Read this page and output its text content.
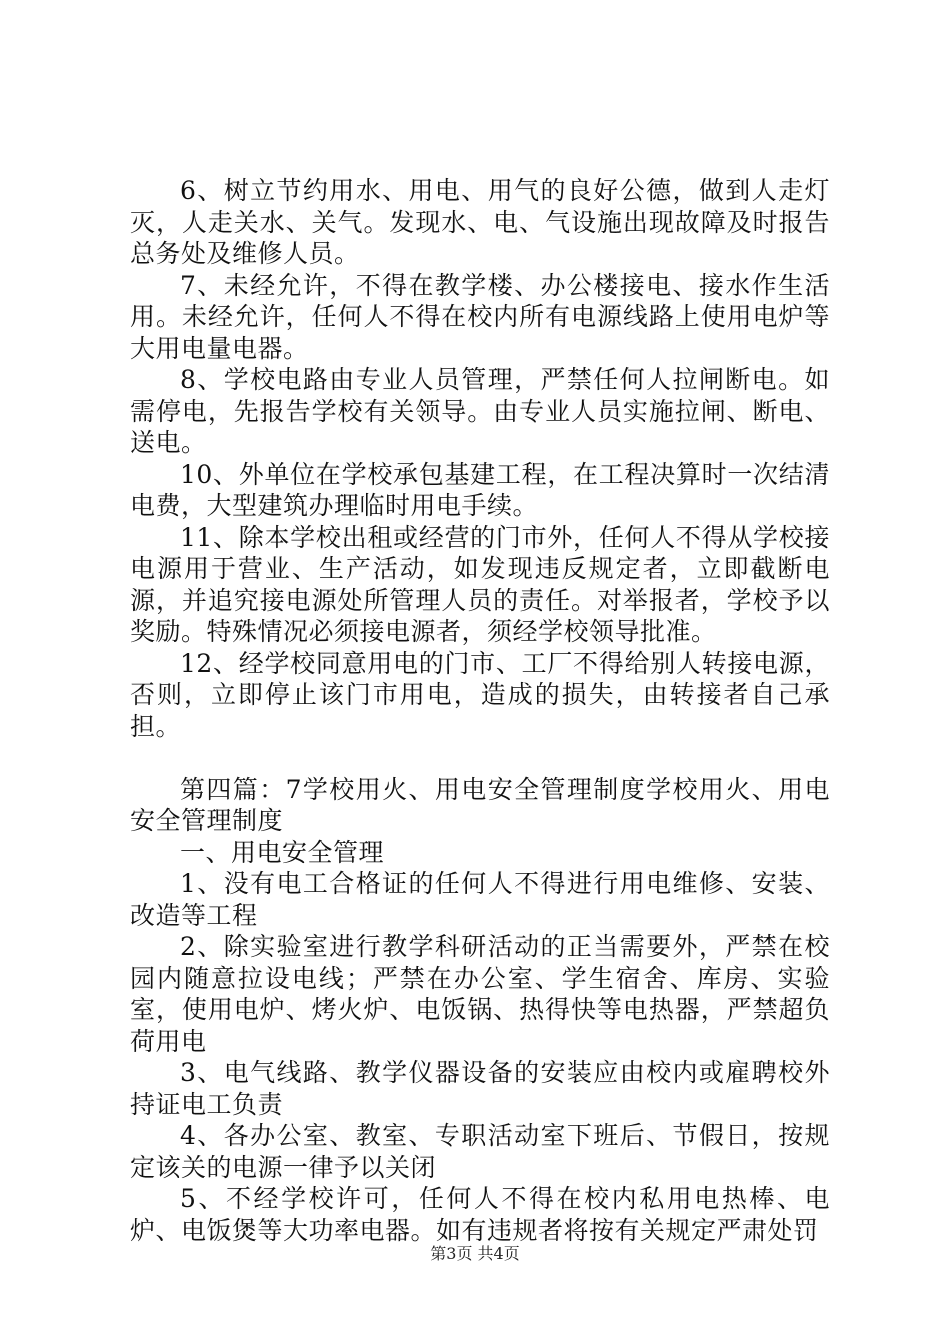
6、树立节约用水、用电、用气的良好公德，做到人走灯灭，人走关水、关气。发现水、电、气设施出现故障及时报告总务处及维修人员。

7、未经允许，不得在教学楼、办公楼接电、接水作生活用。未经允许，任何人不得在校内所有电源线路上使用电炉等大用电量电器。

8、学校电路由专业人员管理，严禁任何人拉闸断电。如需停电，先报告学校有关领导。由专业人员实施拉闸、断电、送电。

10、外单位在学校承包基建工程，在工程决算时一次结清电费，大型建筑办理临时用电手续。

11、除本学校出租或经营的门市外，任何人不得从学校接电源用于营业、生产活动，如发现违反规定者，立即截断电源，并追究接电源处所管理人员的责任。对举报者，学校予以奖励。特殊情况必须接电源者，须经学校领导批准。

12、经学校同意用电的门市、工厂不得给别人转接电源，否则，立即停止该门市用电，造成的损失，由转接者自己承担。

第四篇：7学校用火、用电安全管理制度学校用火、用电安全管理制度

一、用电安全管理

1、没有电工合格证的任何人不得进行用电维修、安装、改造等工程

2、除实验室进行教学科研活动的正当需要外，严禁在校园内随意拉设电线；严禁在办公室、学生宿舍、库房、实验室，使用电炉、烤火炉、电饭锅、热得快等电热器，严禁超负荷用电

3、电气线路、教学仪器设备的安装应由校内或雇聘校外持证电工负责

4、各办公室、教室、专职活动室下班后、节假日，按规定该关的电源一律予以关闭

5、不经学校许可，任何人不得在校内私用电热棒、电炉、电饭煲等大功率电器。如有违规者将按有关规定严肃处罚

第3页 共4页
